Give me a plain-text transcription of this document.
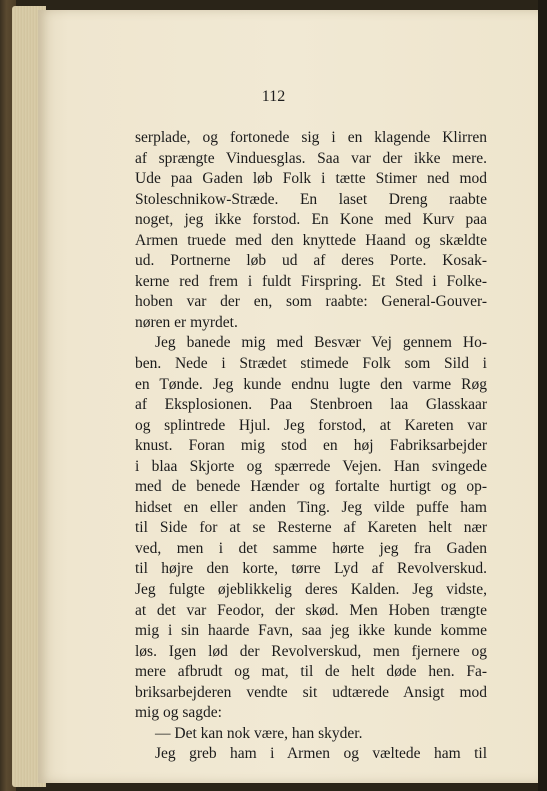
112
serplade, og fortonede sig i en klagende Klirren
af sprængte Vinduesglas. Saa var der ikke mere.
Ude paa Gaden løb Folk i tætte Stimer ned mod
Stoleschnikow-Stræde. En laset Dreng raabte
noget, jeg ikke forstod. En Kone med Kurv paa
Armen truede med den knyttede Haand og skældte
ud. Portnerne løb ud af deres Porte. Kosak-
kerne red frem i fuldt Firspring. Et Sted i Folke-
hoben var der en, som raabte: General-Gouver-
nøren er myrdet.
Jeg banede mig med Besvær Vej gennem Ho-
ben. Nede i Strædet stimede Folk som Sild i
en Tønde. Jeg kunde endnu lugte den varme Røg
af Eksplosionen. Paa Stenbroen laa Glasskaar
og splintrede Hjul. Jeg forstod, at Kareten var
knust. Foran mig stod en høj Fabriksarbejder
i blaa Skjorte og spærrede Vejen. Han svingede
med de benede Hænder og fortalte hurtigt og op-
hidset en eller anden Ting. Jeg vilde puffe ham
til Side for at se Resterne af Kareten helt nær
ved, men i det samme hørte jeg fra Gaden
til højre den korte, tørre Lyd af Revolverskud.
Jeg fulgte øjeblikkelig deres Kalden. Jeg vidste,
at det var Feodor, der skød. Men Hoben trængte
mig i sin haarde Favn, saa jeg ikke kunde komme
løs. Igen lød der Revolverskud, men fjernere og
mere afbrudt og mat, til de helt døde hen. Fa-
briksarbejderen vendte sit udtærede Ansigt mod
mig og sagde:
— Det kan nok være, han skyder.
Jeg greb ham i Armen og væltede ham til
